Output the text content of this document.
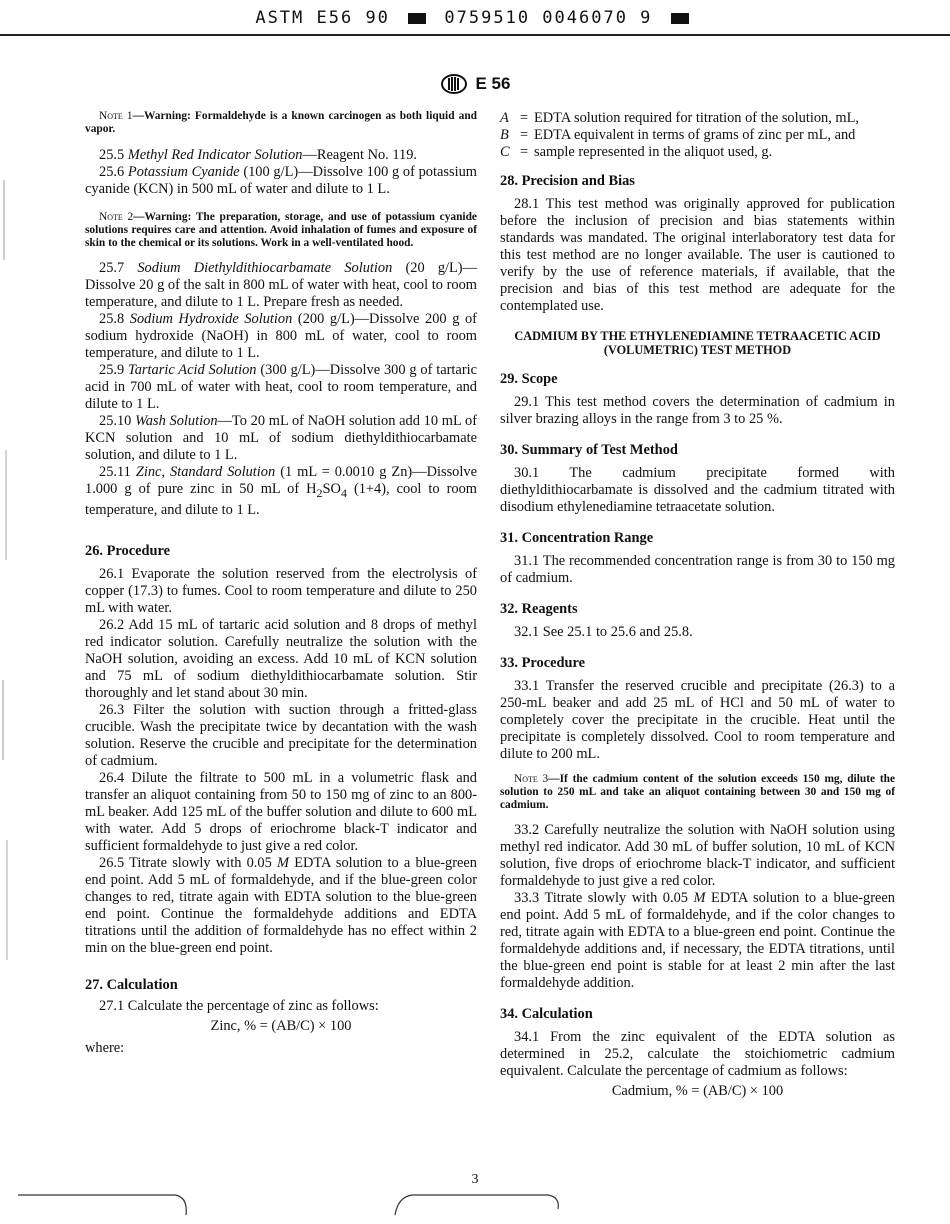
ASTM E56 90	0759510 0046070 9
E 56

Note 1—Warning: Formaldehyde is a known carcinogen as both liquid and vapor.

25.5 Methyl Red Indicator Solution—Reagent No. 119.

25.6 Potassium Cyanide (100 g/L)—Dissolve 100 g of potassium cyanide (KCN) in 500 mL of water and dilute to 1 L.

Note 2—Warning: The preparation, storage, and use of potassium cyanide solutions requires care and attention. Avoid inhalation of fumes and exposure of skin to the chemical or its solutions. Work in a well-ventilated hood.

25.7 Sodium Diethyldithiocarbamate Solution (20 g/L)—Dissolve 20 g of the salt in 800 mL of water with heat, cool to room temperature, and dilute to 1 L. Prepare fresh as needed.

25.8 Sodium Hydroxide Solution (200 g/L)—Dissolve 200 g of sodium hydroxide (NaOH) in 800 mL of water, cool to room temperature, and dilute to 1 L.

25.9 Tartaric Acid Solution (300 g/L)—Dissolve 300 g of tartaric acid in 700 mL of water with heat, cool to room temperature, and dilute to 1 L.

25.10 Wash Solution—To 20 mL of NaOH solution add 10 mL of KCN solution and 10 mL of sodium diethyldithiocarbamate solution, and dilute to 1 L.

25.11 Zinc, Standard Solution (1 mL = 0.0010 g Zn)—Dissolve 1.000 g of pure zinc in 50 mL of $H_2SO_4$ (1+4), cool to room temperature, and dilute to 1 L.

26. Procedure

26.1 Evaporate the solution reserved from the electrolysis of copper (17.3) to fumes. Cool to room temperature and dilute to 250 mL with water.

26.2 Add 15 mL of tartaric acid solution and 8 drops of methyl red indicator solution. Carefully neutralize the solution with the NaOH solution, avoiding an excess. Add 10 mL of KCN solution and 75 mL of sodium diethyldithiocarbamate solution. Stir thoroughly and let stand about 30 min.

26.3 Filter the solution with suction through a fritted-glass crucible. Wash the precipitate twice by decantation with the wash solution. Reserve the crucible and precipitate for the determination of cadmium.

26.4 Dilute the filtrate to 500 mL in a volumetric flask and transfer an aliquot containing from 50 to 150 mg of zinc to an 800-mL beaker. Add 125 mL of the buffer solution and dilute to 600 mL with water. Add 5 drops of eriochrome black-T indicator and sufficient formaldehyde to just give a red color.

26.5 Titrate slowly with 0.05 M EDTA solution to a blue-green end point. Add 5 mL of formaldehyde, and if the blue-green color changes to red, titrate again with EDTA solution to the blue-green end point. Continue the formaldehyde additions and EDTA titrations until the addition of formaldehyde has no effect within 2 min on the blue-green end point.

27. Calculation

27.1 Calculate the percentage of zinc as follows:

Zinc, % = (AB/C) × 100

where:

A = EDTA solution required for titration of the solution, mL,
B = EDTA equivalent in terms of grams of zinc per mL, and
C = sample represented in the aliquot used, g.
28. Precision and Bias

28.1 This test method was originally approved for publication before the inclusion of precision and bias statements within standards was mandated. The original interlaboratory test data for this test method are no longer available. The user is cautioned to verify by the use of reference materials, if available, that the precision and bias of this test method are adequate for the contemplated use.

CADMIUM BY THE ETHYLENEDIAMINE TETRAACETIC ACID (VOLUMETRIC) TEST METHOD

29. Scope

29.1 This test method covers the determination of cadmium in silver brazing alloys in the range from 3 to 25 %.

30. Summary of Test Method

30.1 The cadmium precipitate formed with diethyldithiocarbamate is dissolved and the cadmium titrated with disodium ethylenediamine tetraacetate solution.

31. Concentration Range

31.1 The recommended concentration range is from 30 to 150 mg of cadmium.

32. Reagents

32.1 See 25.1 to 25.6 and 25.8.

33. Procedure

33.1 Transfer the reserved crucible and precipitate (26.3) to a 250-mL beaker and add 25 mL of HCl and 50 mL of water to completely cover the precipitate in the crucible. Heat until the precipitate is completely dissolved. Cool to room temperature and dilute to 200 mL.

Note 3—If the cadmium content of the solution exceeds 150 mg, dilute the solution to 250 mL and take an aliquot containing between 30 and 150 mg of cadmium.

33.2 Carefully neutralize the solution with NaOH solution using methyl red indicator. Add 30 mL of buffer solution, 10 mL of KCN solution, five drops of eriochrome black-T indicator, and sufficient formaldehyde to just give a red color.

33.3 Titrate slowly with 0.05 M EDTA solution to a blue-green end point. Add 5 mL of formaldehyde, and if the color changes to red, titrate again with EDTA to a blue-green end point. Continue the formaldehyde additions and, if necessary, the EDTA titrations, until the blue-green end point is stable for at least 2 min after the last formaldehyde addition.

34. Calculation

34.1 From the zinc equivalent of the EDTA solution as determined in 25.2, calculate the stoichiometric cadmium equivalent. Calculate the percentage of cadmium as follows:

Cadmium, % = (AB/C) × 100

3
